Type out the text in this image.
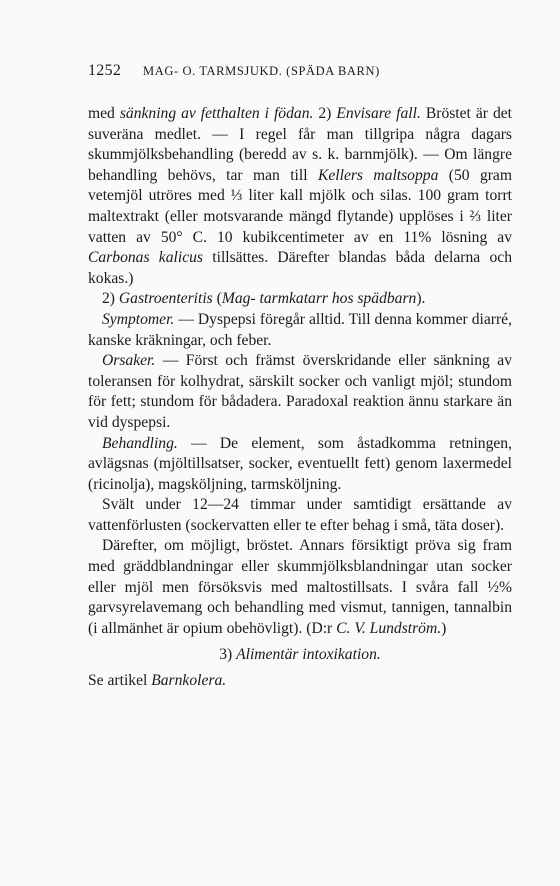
1252 MAG- O. TARMSJUKD. (SPÄDA BARN)

med sänkning av fetthalten i födan. 2) Envisare fall. Bröstet är det suveräna medlet. — I regel får man tillgripa några dagars skummjölksbehandling (beredd av s. k. barnmjölk). — Om längre behandling behövs, tar man till Kellers maltsoppa (50 gram vetemjöl utröres med ⅓ liter kall mjölk och silas. 100 gram torrt maltextrakt (eller motsvarande mängd flytande) upplöses i ⅔ liter vatten av 50° C. 10 kubikcentimeter av en 11% lösning av Carbonas kalicus tillsättes. Därefter blandas båda delarna och kokas.)

2) Gastroenteritis (Mag- tarmkatarr hos spädbarn).

Symptomer. — Dyspepsi föregår alltid. Till denna kommer diarré, kanske kräkningar, och feber.

Orsaker. — Först och främst överskridande eller sänkning av toleransen för kolhydrat, särskilt socker och vanligt mjöl; stundom för fett; stundom för bådadera. Paradoxal reaktion ännu starkare än vid dyspepsi.

Behandling. — De element, som åstadkomma retningen, avlägsnas (mjöltillsatser, socker, eventuellt fett) genom laxermedel (ricinolja), magsköljning, tarmsköljning.

Svält under 12—24 timmar under samtidigt ersättande av vattenförlusten (sockervatten eller te efter behag i små, täta doser).

Därefter, om möjligt, bröstet. Annars försiktigt pröva sig fram med gräddblandningar eller skummjölksblandningar utan socker eller mjöl men försöksvis med maltostillsats. I svåra fall ½% garvsyrelavemang och behandling med vismut, tannigen, tannalbin (i allmänhet är opium obehövligt). (D:r C. V. Lundström.)

3) Alimentär intoxikation.

Se artikel Barnkolera.
